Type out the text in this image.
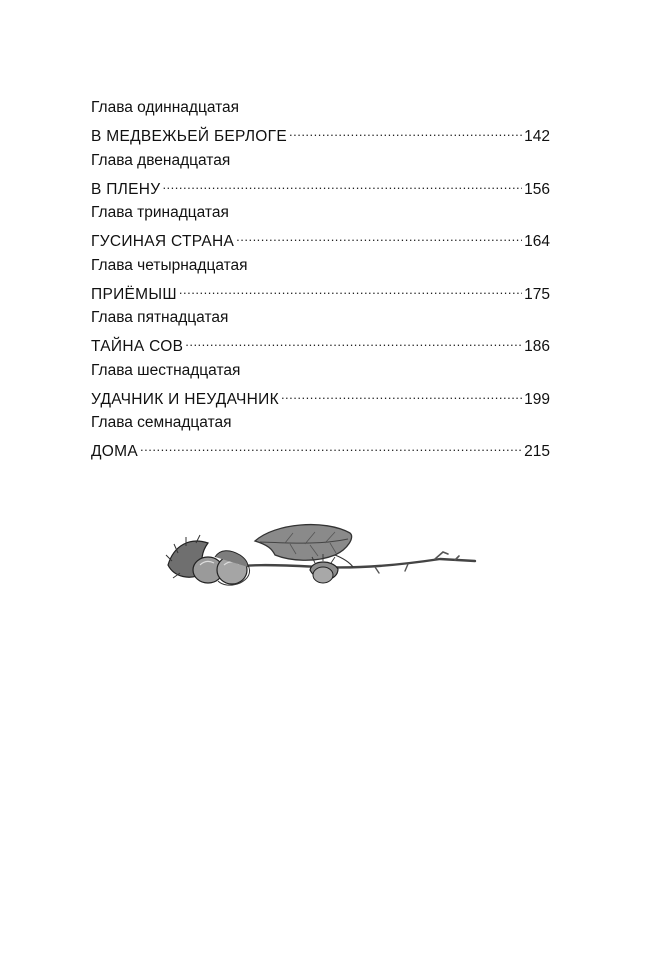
Глава одиннадцатая
В МЕДВЕЖЬЕЙ БЕРЛОГЕ .....	142
Глава двенадцатая
В ПЛЕНУ .....	156
Глава тринадцатая
ГУСИНАЯ СТРАНА .....	164
Глава четырнадцатая
ПРИЁМЫШ .....	175
Глава пятнадцатая
ТАЙНА СОВ .....	186
Глава шестнадцатая
УДАЧНИК И НЕУДАЧНИК .....	199
Глава семнадцатая
ДОМА .....	215
